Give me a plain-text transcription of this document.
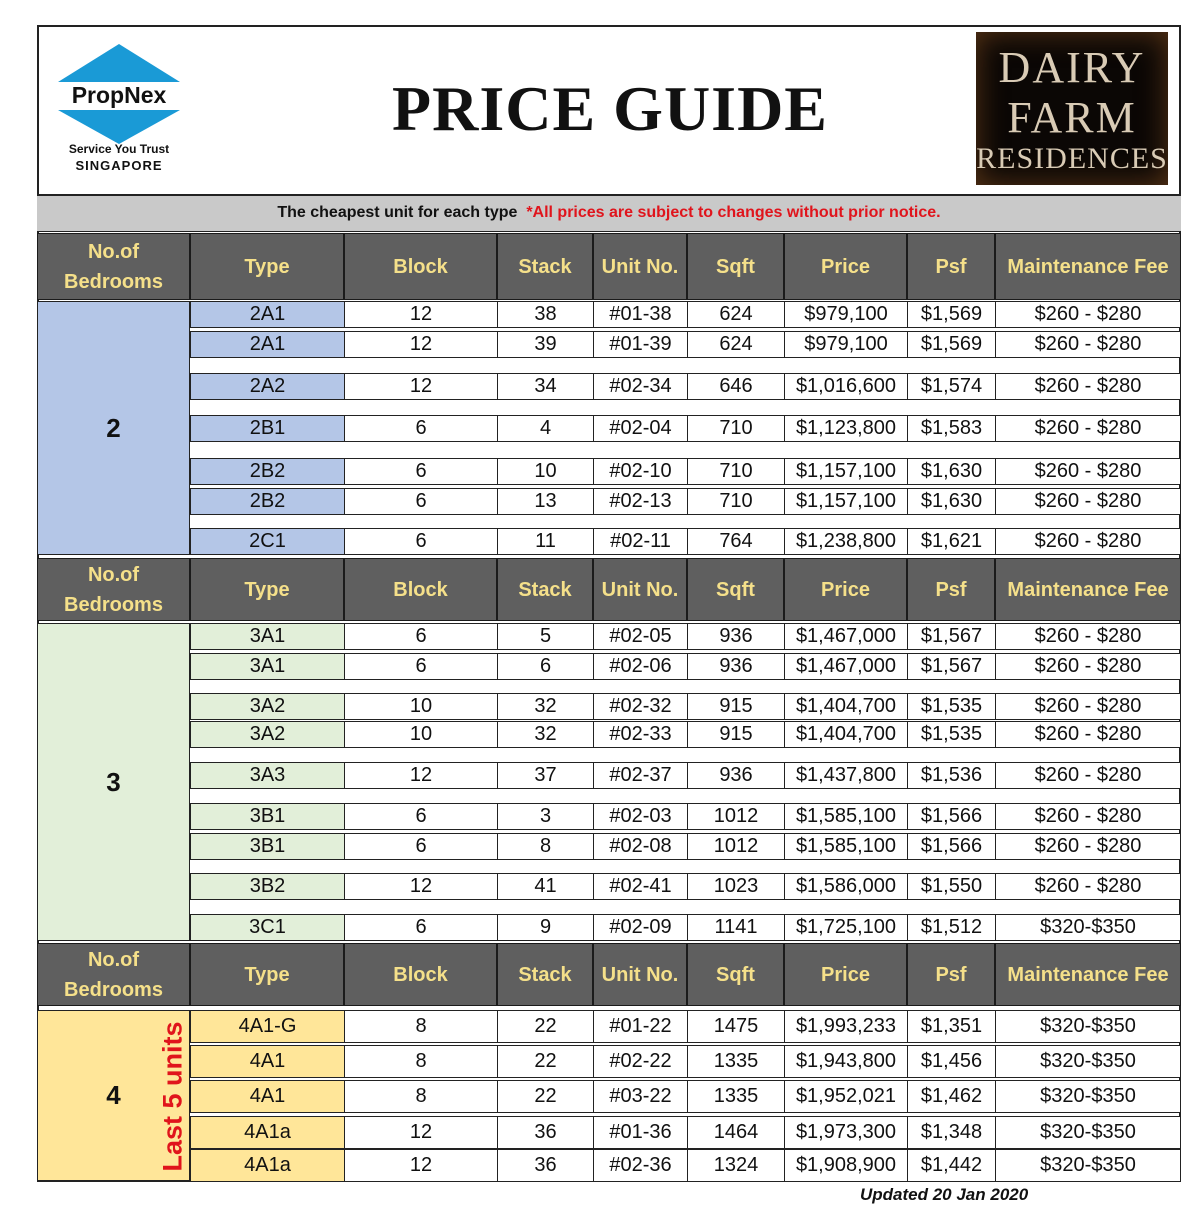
PropNex
Service You Trust
SINGAPORE
PRICE GUIDE
DAIRY
FARM
RESIDENCES
The cheapest unit for each type *All prices are subject to changes without prior notice.
No.of Bedrooms
Type	Block	Stack	Unit No.	Sqft	Price	Psf	Maintenance Fee
2
2A1	12	38	#01-38	624	$979,100	$1,569	$260 - $280
2A1	12	39	#01-39	624	$979,100	$1,569	$260 - $280
2A2	12	34	#02-34	646	$1,016,600	$1,574	$260 - $280
2B1	6	4	#02-04	710	$1,123,800	$1,583	$260 - $280
2B2	6	10	#02-10	710	$1,157,100	$1,630	$260 - $280
2B2	6	13	#02-13	710	$1,157,100	$1,630	$260 - $280
2C1	6	11	#02-11	764	$1,238,800	$1,621	$260 - $280
No.of Bedrooms
Type	Block	Stack	Unit No.	Sqft	Price	Psf	Maintenance Fee
3
3A1	6	5	#02-05	936	$1,467,000	$1,567	$260 - $280
3A1	6	6	#02-06	936	$1,467,000	$1,567	$260 - $280
3A2	10	32	#02-32	915	$1,404,700	$1,535	$260 - $280
3A2	10	32	#02-33	915	$1,404,700	$1,535	$260 - $280
3A3	12	37	#02-37	936	$1,437,800	$1,536	$260 - $280
3B1	6	3	#02-03	1012	$1,585,100	$1,566	$260 - $280
3B1	6	8	#02-08	1012	$1,585,100	$1,566	$260 - $280
3B2	12	41	#02-41	1023	$1,586,000	$1,550	$260 - $280
3C1	6	9	#02-09	1141	$1,725,100	$1,512	$320-$350
No.of Bedrooms
Type	Block	Stack	Unit No.	Sqft	Price	Psf	Maintenance Fee
4 Last 5 units	4A1-G	8	22	#01-22	1475	$1,993,233	$1,351	$320-$350
4A1	8	22	#02-22	1335	$1,943,800	$1,456	$320-$350
4A1	8	22	#03-22	1335	$1,952,021	$1,462	$320-$350
4A1a	12	36	#01-36	1464	$1,973,300	$1,348	$320-$350
4A1a	12	36	#02-36	1324	$1,908,900	$1,442	$320-$350
Updated 20 Jan 2020
